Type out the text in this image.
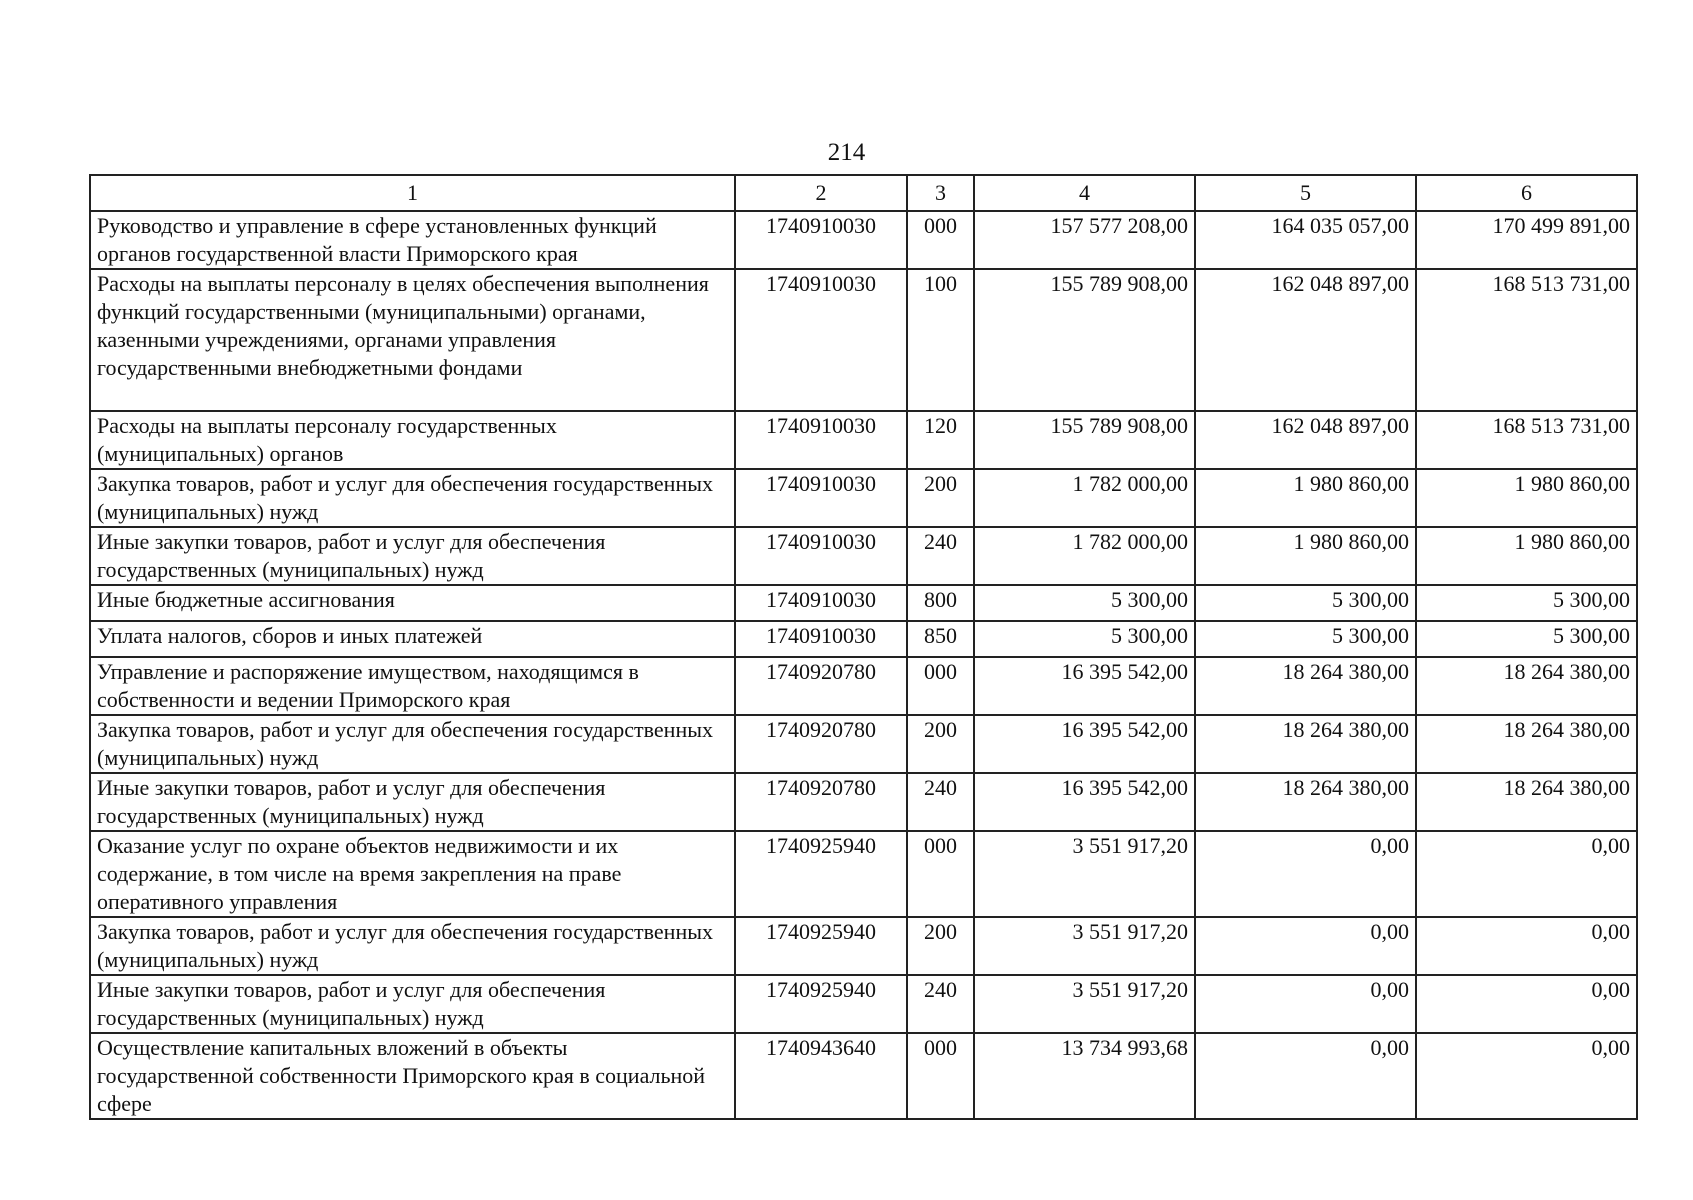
214
1	2	3	4	5	6
Руководство и управление в сфере установленных функций органов государственной власти Приморского края	1740910030	000	157 577 208,00	164 035 057,00	170 499 891,00
Расходы на выплаты персоналу в целях обеспечения выполнения функций государственными (муниципальными) органами, казенными учреждениями, органами управления государственными внебюджетными фондами	1740910030	100	155 789 908,00	162 048 897,00	168 513 731,00
Расходы на выплаты персоналу государственных (муниципальных) органов	1740910030	120	155 789 908,00	162 048 897,00	168 513 731,00
Закупка товаров, работ и услуг для обеспечения государственных (муниципальных) нужд	1740910030	200	1 782 000,00	1 980 860,00	1 980 860,00
Иные закупки товаров, работ и услуг для обеспечения государственных (муниципальных) нужд	1740910030	240	1 782 000,00	1 980 860,00	1 980 860,00
Иные бюджетные ассигнования	1740910030	800	5 300,00	5 300,00	5 300,00
Уплата налогов, сборов и иных платежей	1740910030	850	5 300,00	5 300,00	5 300,00
Управление и распоряжение имуществом, находящимся в собственности и ведении Приморского края	1740920780	000	16 395 542,00	18 264 380,00	18 264 380,00
Закупка товаров, работ и услуг для обеспечения государственных (муниципальных) нужд	1740920780	200	16 395 542,00	18 264 380,00	18 264 380,00
Иные закупки товаров, работ и услуг для обеспечения государственных (муниципальных) нужд	1740920780	240	16 395 542,00	18 264 380,00	18 264 380,00
Оказание услуг по охране объектов недвижимости и их содержание, в том числе на время закрепления на праве оперативного управления	1740925940	000	3 551 917,20	0,00	0,00
Закупка товаров, работ и услуг для обеспечения государственных (муниципальных) нужд	1740925940	200	3 551 917,20	0,00	0,00
Иные закупки товаров, работ и услуг для обеспечения государственных (муниципальных) нужд	1740925940	240	3 551 917,20	0,00	0,00
Осуществление капитальных вложений в объекты государственной собственности Приморского края в социальной сфере	1740943640	000	13 734 993,68	0,00	0,00
